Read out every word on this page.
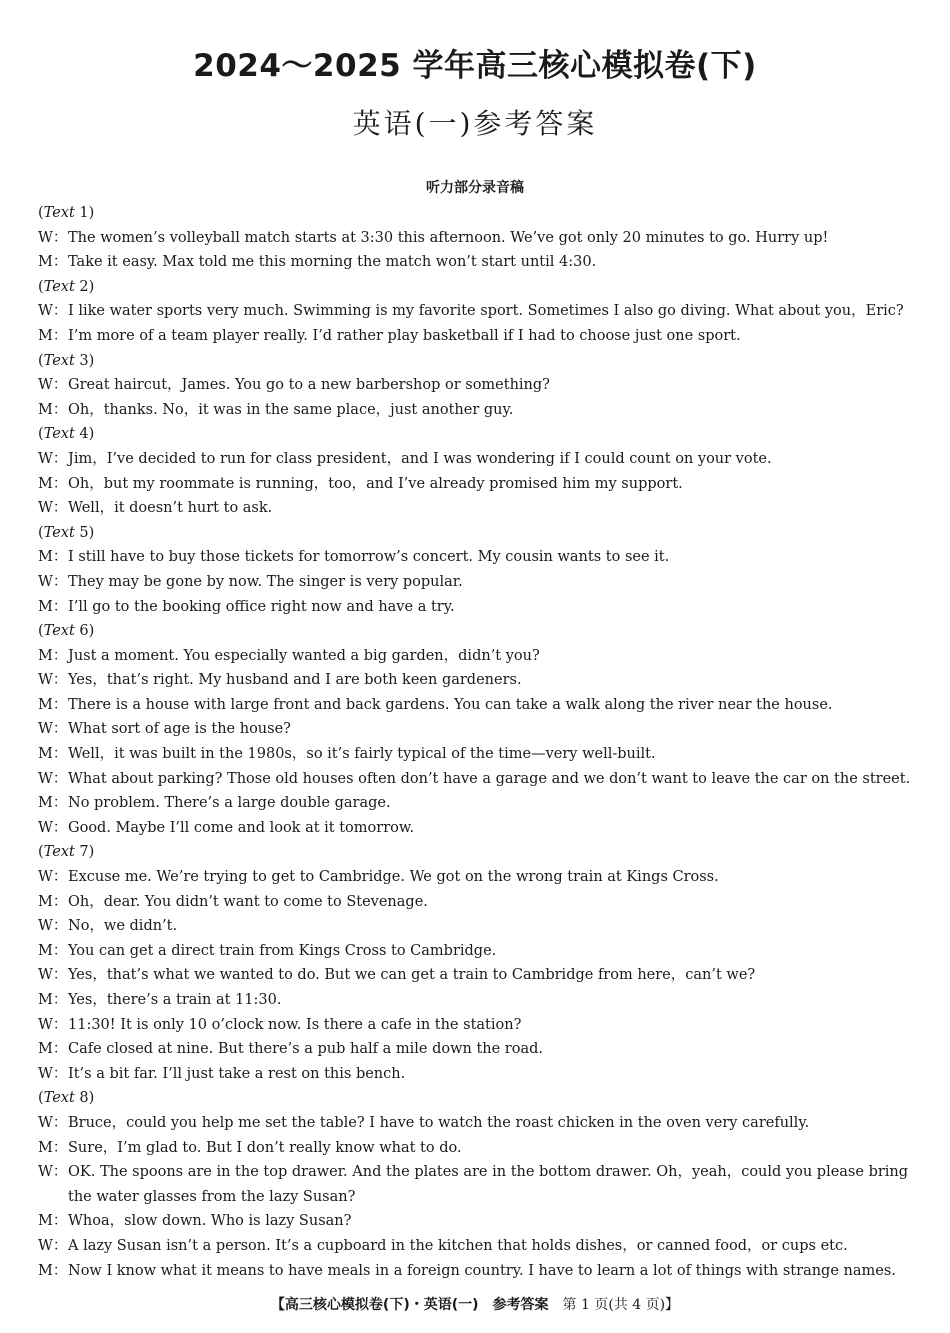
2024～2025 学年高三核心模拟卷(下)
英语(一)参考答案
听力部分录音稿
(Text 1)
W：The women’s volleyball match starts at 3:30 this afternoon. We’ve got only 20 minutes to go. Hurry up!
M：Take it easy. Max told me this morning the match won’t start until 4:30.
(Text 2)
W：I like water sports very much. Swimming is my favorite sport. Sometimes I also go diving. What about you，Eric?
M：I’m more of a team player really. I’d rather play basketball if I had to choose just one sport.
(Text 3)
W：Great haircut，James. You go to a new barbershop or something?
M：Oh，thanks. No，it was in the same place，just another guy.
(Text 4)
W：Jim，I’ve decided to run for class president，and I was wondering if I could count on your vote.
M：Oh，but my roommate is running，too，and I’ve already promised him my support.
W：Well，it doesn’t hurt to ask.
(Text 5)
M：I still have to buy those tickets for tomorrow’s concert. My cousin wants to see it.
W：They may be gone by now. The singer is very popular.
M：I’ll go to the booking office right now and have a try.
(Text 6)
M：Just a moment. You especially wanted a big garden，didn’t you?
W：Yes，that’s right. My husband and I are both keen gardeners.
M：There is a house with large front and back gardens. You can take a walk along the river near the house.
W：What sort of age is the house?
M：Well，it was built in the 1980s，so it’s fairly typical of the time—very well-built.
W：What about parking? Those old houses often don’t have a garage and we don’t want to leave the car on the street.
M：No problem. There’s a large double garage.
W：Good. Maybe I’ll come and look at it tomorrow.
(Text 7)
W：Excuse me. We’re trying to get to Cambridge. We got on the wrong train at Kings Cross.
M：Oh，dear. You didn’t want to come to Stevenage.
W：No，we didn’t.
M：You can get a direct train from Kings Cross to Cambridge.
W：Yes，that’s what we wanted to do. But we can get a train to Cambridge from here，can’t we?
M：Yes，there’s a train at 11:30.
W：11:30! It is only 10 o’clock now. Is there a cafe in the station?
M：Cafe closed at nine. But there’s a pub half a mile down the road.
W：It’s a bit far. I’ll just take a rest on this bench.
(Text 8)
W：Bruce，could you help me set the table? I have to watch the roast chicken in the oven very carefully.
M：Sure，I’m glad to. But I don’t really know what to do.
W：OK. The spoons are in the top drawer. And the plates are in the bottom drawer. Oh，yeah，could you please bring the water glasses from the lazy Susan?
M：Whoa，slow down. Who is lazy Susan?
W：A lazy Susan isn’t a person. It’s a cupboard in the kitchen that holds dishes，or canned food，or cups etc.
M：Now I know what it means to have meals in a foreign country. I have to learn a lot of things with strange names.
【高三核心模拟卷(下)・英语(一)　参考答案　第 1 页(共 4 页)】
